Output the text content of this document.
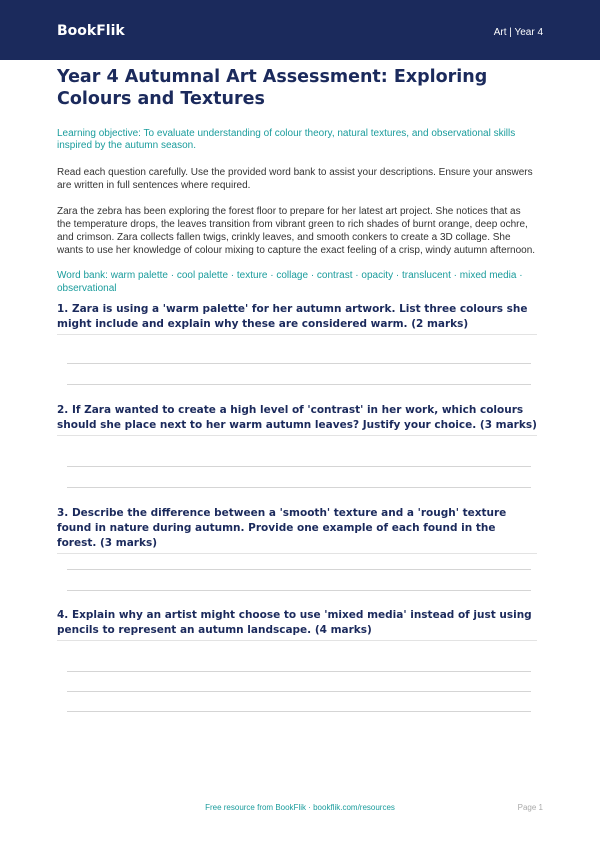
BookFlik	Art | Year 4
Year 4 Autumnal Art Assessment: Exploring Colours and Textures
Learning objective: To evaluate understanding of colour theory, natural textures, and observational skills inspired by the autumn season.
Read each question carefully. Use the provided word bank to assist your descriptions. Ensure your answers are written in full sentences where required.
Zara the zebra has been exploring the forest floor to prepare for her latest art project. She notices that as the temperature drops, the leaves transition from vibrant green to rich shades of burnt orange, deep ochre, and crimson. Zara collects fallen twigs, crinkly leaves, and smooth conkers to create a 3D collage. She wants to use her knowledge of colour mixing to capture the exact feeling of a crisp, windy autumn afternoon.
Word bank: warm palette · cool palette · texture · collage · contrast · opacity · translucent · mixed media · observational
1. Zara is using a 'warm palette' for her autumn artwork. List three colours she might include and explain why these are considered warm. (2 marks)
2. If Zara wanted to create a high level of 'contrast' in her work, which colours should she place next to her warm autumn leaves? Justify your choice. (3 marks)
3. Describe the difference between a 'smooth' texture and a 'rough' texture found in nature during autumn. Provide one example of each found in the forest. (3 marks)
4. Explain why an artist might choose to use 'mixed media' instead of just using pencils to represent an autumn landscape. (4 marks)
Free resource from BookFlik · bookflik.com/resources	Page 1
